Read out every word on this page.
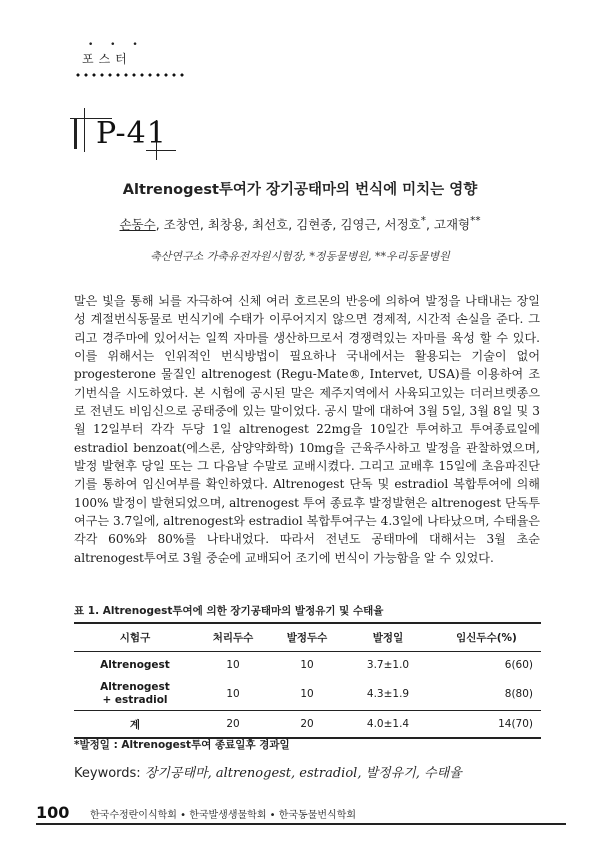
• • •
포스터
P-41
Altrenogest투여가 장기공태마의 번식에 미치는 영향
손동수, 조창연, 최창용, 최선호, 김현종, 김영근, 서정호*, 고재형**
축산연구소 가축유전자원시험장, *정동물병원, **우리동물병원

말은 빛을 통해 뇌를 자극하여 신체 여러 호르몬의 반응에 의하여 발정을 나태내는 장일성 계절번식동물로 번식기에 수태가 이루어지지 않으면 경제적, 시간적 손실을 준다. 그리고 경주마에 있어서는 일찍 자마를 생산하므로서 경쟁력있는 자마를 육성 할 수 있다. 이를 위해서는 인위적인 번식방법이 필요하나 국내에서는 활용되는 기술이 없어 progesterone 물질인 altrenogest (Regu-Mate®, Intervet, USA)를 이용하여 조기번식을 시도하였다. 본 시험에 공시된 말은 제주지역에서 사육되고있는 더러브렛종으로 전년도 비임신으로 공태중에 있는 말이었다. 공시 말에 대하여 3월 5일, 3월 8일 및 3월 12일부터 각각 두당 1일 altrenogest 22mg을 10일간 투여하고 투여종료일에 estradiol benzoat(에스론, 삼양약화학) 10mg을 근육주사하고 발정을 관찰하였으며, 발정 발현후 당일 또는 그 다음날 수말로 교배시켰다. 그리고 교배후 15일에 초음파진단기를 통하여 임신여부를 확인하였다. Altrenogest 단독 및 estradiol 복합투여에 의해 100% 발정이 발현되었으며, altrenogest 투여 종료후 발정발현은 altrenogest 단독투여구는 3.7일에, altrenogest와 estradiol 복합투여구는 4.3일에 나타났으며, 수태율은 각각 60%와 80%를 나타내었다. 따라서 전년도 공태마에 대해서는 3월 초순 altrenogest투여로 3월 중순에 교배되어 조기에 번식이 가능함을 알 수 있었다.

표 1. Altrenogest투여에 의한 장기공태마의 발정유기 및 수태율
시험구	처리두수	발정두수	발정일	임신두수(%)
Altrenogest	10	10	3.7±1.0	6(60)
Altrenogest
+ estradiol	10	10	4.3±1.9	8(80)
계	20	20	4.0±1.4	14(70)
*발정일 : Altrenogest투여 종료일후 경과일
Keywords: 장기공태마, altrenogest, estradiol, 발정유기, 수태율
100 한국수정란이식학회 • 한국발생생물학회 • 한국동물번식학회
